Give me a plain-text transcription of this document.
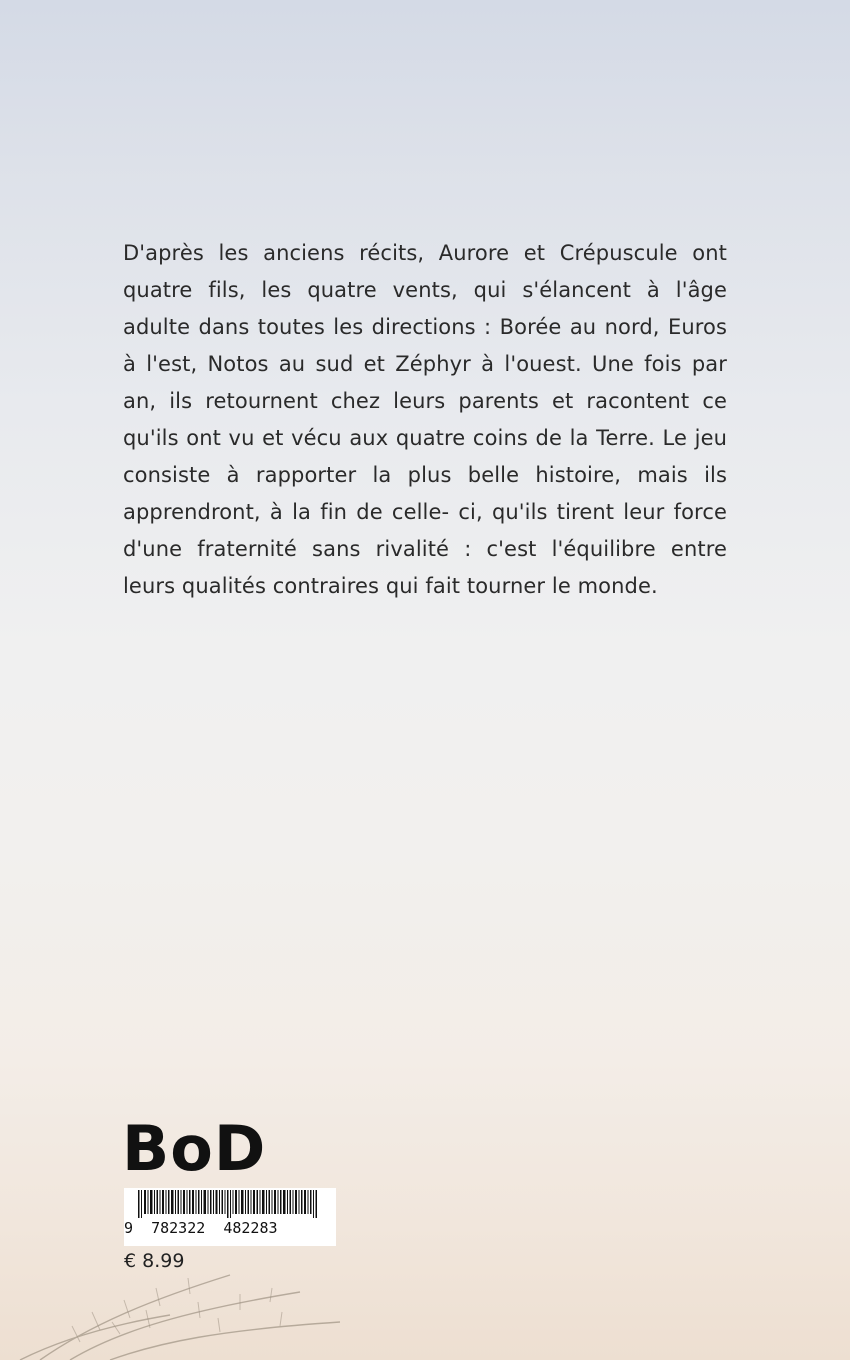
D'après les anciens récits, Aurore et Crépuscule ont quatre fils, les quatre vents, qui s'élancent à l'âge adulte dans toutes les directions : Borée au nord, Euros à l'est, Notos au sud et Zéphyr à l'ouest. Une fois par an, ils retournent chez leurs parents et racontent ce qu'ils ont vu et vécu aux quatre coins de la Terre. Le jeu consiste à rapporter la plus belle histoire, mais ils apprendront, à la fin de celle- ci, qu'ils tirent leur force d'une fraternité sans rivalité : c'est l'équilibre entre leurs qualités contraires qui fait tourner le monde.

BoD
9  782322  482283
€ 8.99
